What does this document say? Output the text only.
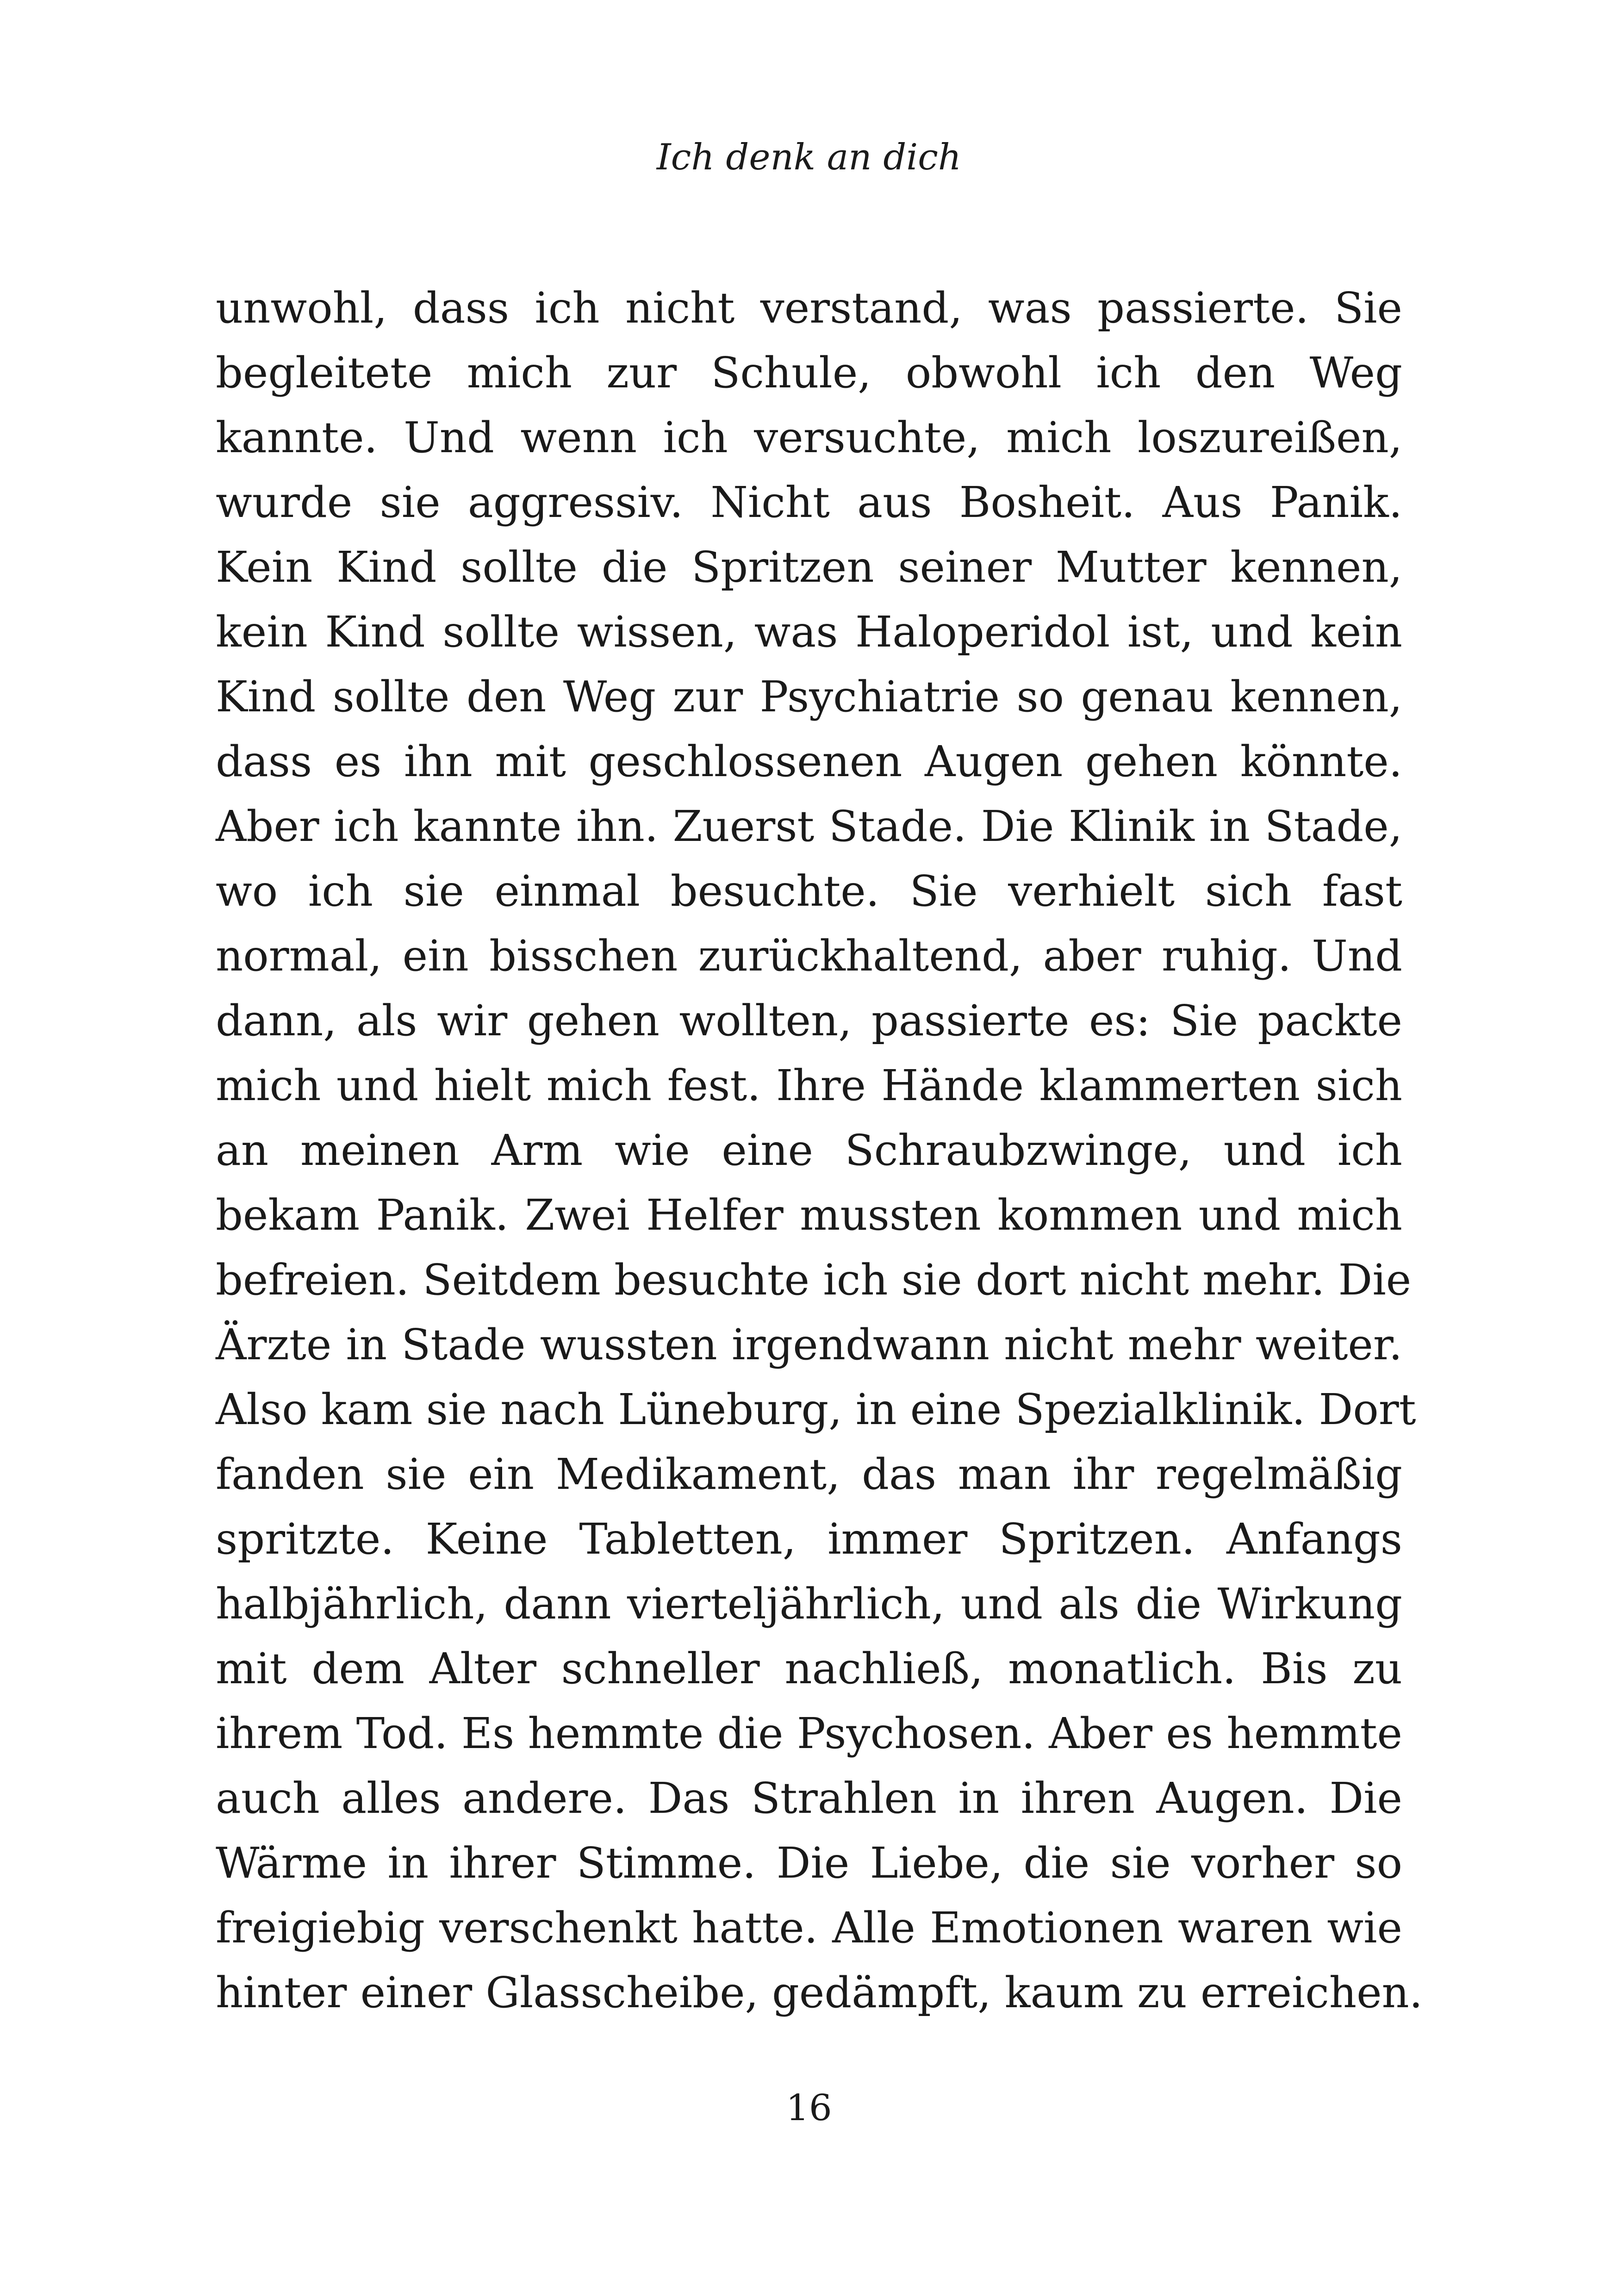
Ich denk an dich
unwohl, dass ich nicht verstand, was passierte. Sie
begleitete mich zur Schule, obwohl ich den Weg
kannte. Und wenn ich versuchte, mich loszureißen,
wurde sie aggressiv. Nicht aus Bosheit. Aus Panik.
Kein Kind sollte die Spritzen seiner Mutter kennen,
kein Kind sollte wissen, was Haloperidol ist, und kein
Kind sollte den Weg zur Psychiatrie so genau kennen,
dass es ihn mit geschlossenen Augen gehen könnte.
Aber ich kannte ihn. Zuerst Stade. Die Klinik in Stade,
wo ich sie einmal besuchte. Sie verhielt sich fast
normal, ein bisschen zurückhaltend, aber ruhig. Und
dann, als wir gehen wollten, passierte es: Sie packte
mich und hielt mich fest. Ihre Hände klammerten sich
an meinen Arm wie eine Schraubzwinge, und ich
bekam Panik. Zwei Helfer mussten kommen und mich
befreien. Seitdem besuchte ich sie dort nicht mehr. Die
Ärzte in Stade wussten irgendwann nicht mehr weiter.
Also kam sie nach Lüneburg, in eine Spezialklinik. Dort
fanden sie ein Medikament, das man ihr regelmäßig
spritzte. Keine Tabletten, immer Spritzen. Anfangs
halbjährlich, dann vierteljährlich, und als die Wirkung
mit dem Alter schneller nachließ, monatlich. Bis zu
ihrem Tod. Es hemmte die Psychosen. Aber es hemmte
auch alles andere. Das Strahlen in ihren Augen. Die
Wärme in ihrer Stimme. Die Liebe, die sie vorher so
freigiebig verschenkt hatte. Alle Emotionen waren wie
hinter einer Glasscheibe, gedämpft, kaum zu erreichen.
16
